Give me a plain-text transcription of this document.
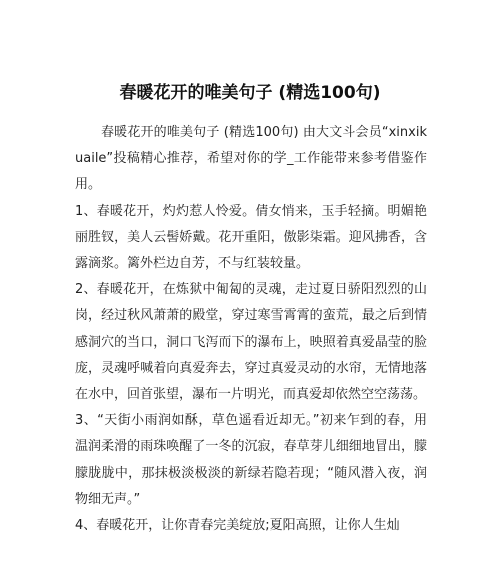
春暖花开的唯美句子 (精选100句)

春暖花开的唯美句子 (精选100句) 由大文斗会员“xinxikuaile”投稿精心推荐，希望对你的学_工作能带来参考借鉴作用。

1、春暖花开，灼灼惹人怜爱。倩女悄来，玉手轻摘。明媚艳丽胜钗，美人云髻娇戴。花开重阳，傲影柒霜。迎风拂香，含露滴浆。篱外栏边自芳，不与红装较量。

2、春暖花开，在炼狱中匍匐的灵魂，走过夏日骄阳烈烈的山岗，经过秋风萧萧的殿堂，穿过寒雪霄霄的蛮荒，最之后到情感洞穴的当口，洞口飞泻而下的瀑布上，映照着真爱晶莹的脸庞，灵魂呼喊着向真爱奔去，穿过真爱灵动的水帘，无情地落在水中，回首张望，瀑布一片明光，而真爱却依然空空荡荡。

3、“天街小雨润如酥，草色遥看近却无。”初来乍到的春，用温润柔滑的雨珠唤醒了一冬的沉寂，春草芽儿细细地冒出，朦朦胧胧中，那抹极淡极淡的新绿若隐若现；“随风潜入夜，润物细无声。”

4、春暖花开，让你青春完美绽放;夏阳高照，让你人生灿
